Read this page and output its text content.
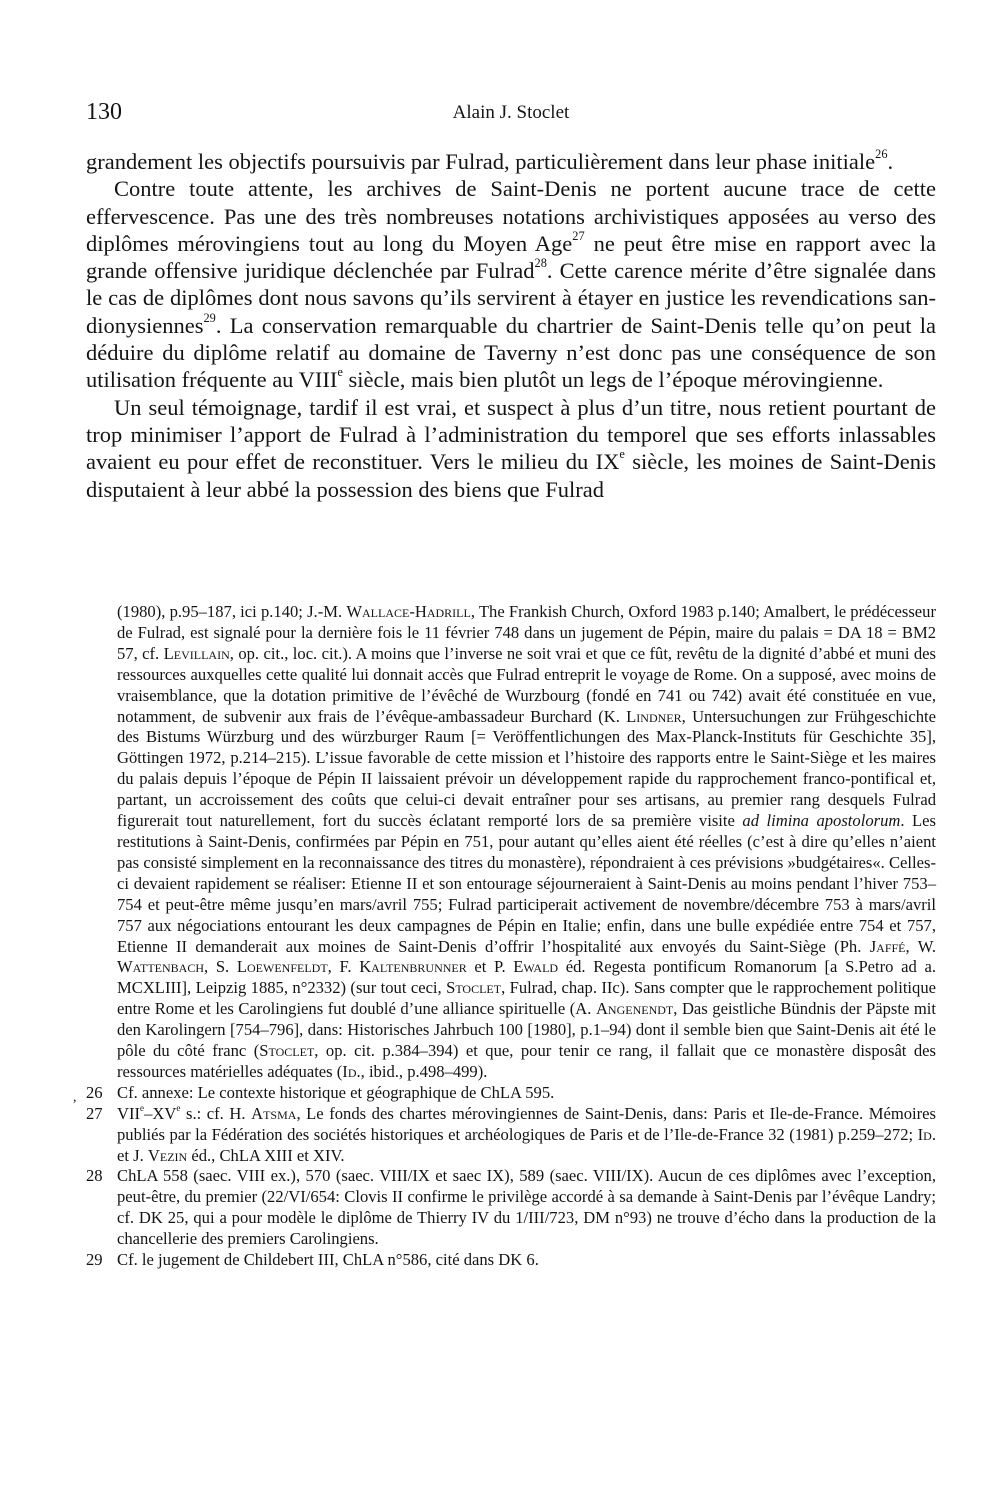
130	Alain J. Stoclet

grandement les objectifs poursuivis par Fulrad, particulièrement dans leur phase initiale$^{26}$.

Contre toute attente, les archives de Saint-Denis ne portent aucune trace de cette effervescence. Pas une des très nombreuses notations archivistiques apposées au verso des diplômes mérovingiens tout au long du Moyen Age$^{27}$ ne peut être mise en rapport avec la grande offensive juridique déclenchée par Fulrad$^{28}$. Cette carence mérite d’être signalée dans le cas de diplômes dont nous savons qu’ils servirent à étayer en justice les revendications san-dionysiennes$^{29}$. La conservation remarquable du chartrier de Saint-Denis telle qu’on peut la déduire du diplôme relatif au domaine de Taverny n’est donc pas une conséquence de son utilisation fréquente au VIIIe siècle, mais bien plutôt un legs de l’époque mérovingienne.

Un seul témoignage, tardif il est vrai, et suspect à plus d’un titre, nous retient pourtant de trop minimiser l’apport de Fulrad à l’administration du temporel que ses efforts inlassables avaient eu pour effet de reconstituer. Vers le milieu du IXe siècle, les moines de Saint-Denis disputaient à leur abbé la possession des biens que Fulrad

(1980), p.95–187, ici p.140; J.-M. Wallace-Hadrill, The Frankish Church, Oxford 1983 p.140; Amalbert, le prédécesseur de Fulrad, est signalé pour la dernière fois le 11 février 748 dans un jugement de Pépin, maire du palais = DA 18 = BM2 57, cf. Levillain, op. cit., loc. cit.). A moins que l’inverse ne soit vrai et que ce fût, revêtu de la dignité d’abbé et muni des ressources auxquelles cette qualité lui donnait accès que Fulrad entreprit le voyage de Rome. On a supposé, avec moins de vraisemblance, que la dotation primitive de l’évêché de Wurzbourg (fondé en 741 ou 742) avait été constituée en vue, notamment, de subvenir aux frais de l’évêque-ambassadeur Burchard (K. Lindner, Untersuchungen zur Frühgeschichte des Bistums Würzburg und des würzburger Raum [= Veröffentlichungen des Max-Planck-Instituts für Geschichte 35], Göttingen 1972, p.214–215). L’issue favorable de cette mission et l’histoire des rapports entre le Saint-Siège et les maires du palais depuis l’époque de Pépin II laissaient prévoir un développement rapide du rapprochement franco-pontifical et, partant, un accroissement des coûts que celui-ci devait entraîner pour ses artisans, au premier rang desquels Fulrad figurerait tout naturellement, fort du succès éclatant remporté lors de sa première visite ad limina apostolorum. Les restitutions à Saint-Denis, confirmées par Pépin en 751, pour autant qu’elles aient été réelles (c’est à dire qu’elles n’aient pas consisté simplement en la reconnaissance des titres du monastère), répondraient à ces prévisions »budgétaires«. Celles-ci devaient rapidement se réaliser: Etienne II et son entourage séjourneraient à Saint-Denis au moins pendant l’hiver 753–754 et peut-être même jusqu’en mars/avril 755; Fulrad participerait activement de novembre/décembre 753 à mars/avril 757 aux négociations entourant les deux campagnes de Pépin en Italie; enfin, dans une bulle expédiée entre 754 et 757, Etienne II demanderait aux moines de Saint-Denis d’offrir l’hospitalité aux envoyés du Saint-Siège (Ph. Jaffé, W. Wattenbach, S. Loewenfeldt, F. Kaltenbrunner et P. Ewald éd. Regesta pontificum Romanorum [a S.Petro ad a. MCXLIII], Leipzig 1885, n°2332) (sur tout ceci, Stoclet, Fulrad, chap. IIc). Sans compter que le rapprochement politique entre Rome et les Carolingiens fut doublé d’une alliance spirituelle (A. Angenendt, Das geistliche Bündnis der Päpste mit den Karolingern [754–796], dans: Historisches Jahrbuch 100 [1980], p.1–94) dont il semble bien que Saint-Denis ait été le pôle du côté franc (Stoclet, op. cit. p.384–394) et que, pour tenir ce rang, il fallait que ce monastère disposât des ressources matérielles adéquates (Id., ibid., p.498–499).

, 26 Cf. annexe: Le contexte historique et géographique de ChLA 595.

27 VIIe–XVe s.: cf. H. Atsma, Le fonds des chartes mérovingiennes de Saint-Denis, dans: Paris et Ile-de-France. Mémoires publiés par la Fédération des sociétés historiques et archéologiques de Paris et de l’Ile-de-France 32 (1981) p.259–272; Id. et J. Vezin éd., ChLA XIII et XIV.

28 ChLA 558 (saec. VIII ex.), 570 (saec. VIII/IX et saec IX), 589 (saec. VIII/IX). Aucun de ces diplômes avec l’exception, peut-être, du premier (22/VI/654: Clovis II confirme le privilège accordé à sa demande à Saint-Denis par l’évêque Landry; cf. DK 25, qui a pour modèle le diplôme de Thierry IV du 1/III/723, DM n°93) ne trouve d’écho dans la production de la chancellerie des premiers Carolingiens.

29 Cf. le jugement de Childebert III, ChLA n°586, cité dans DK 6.
